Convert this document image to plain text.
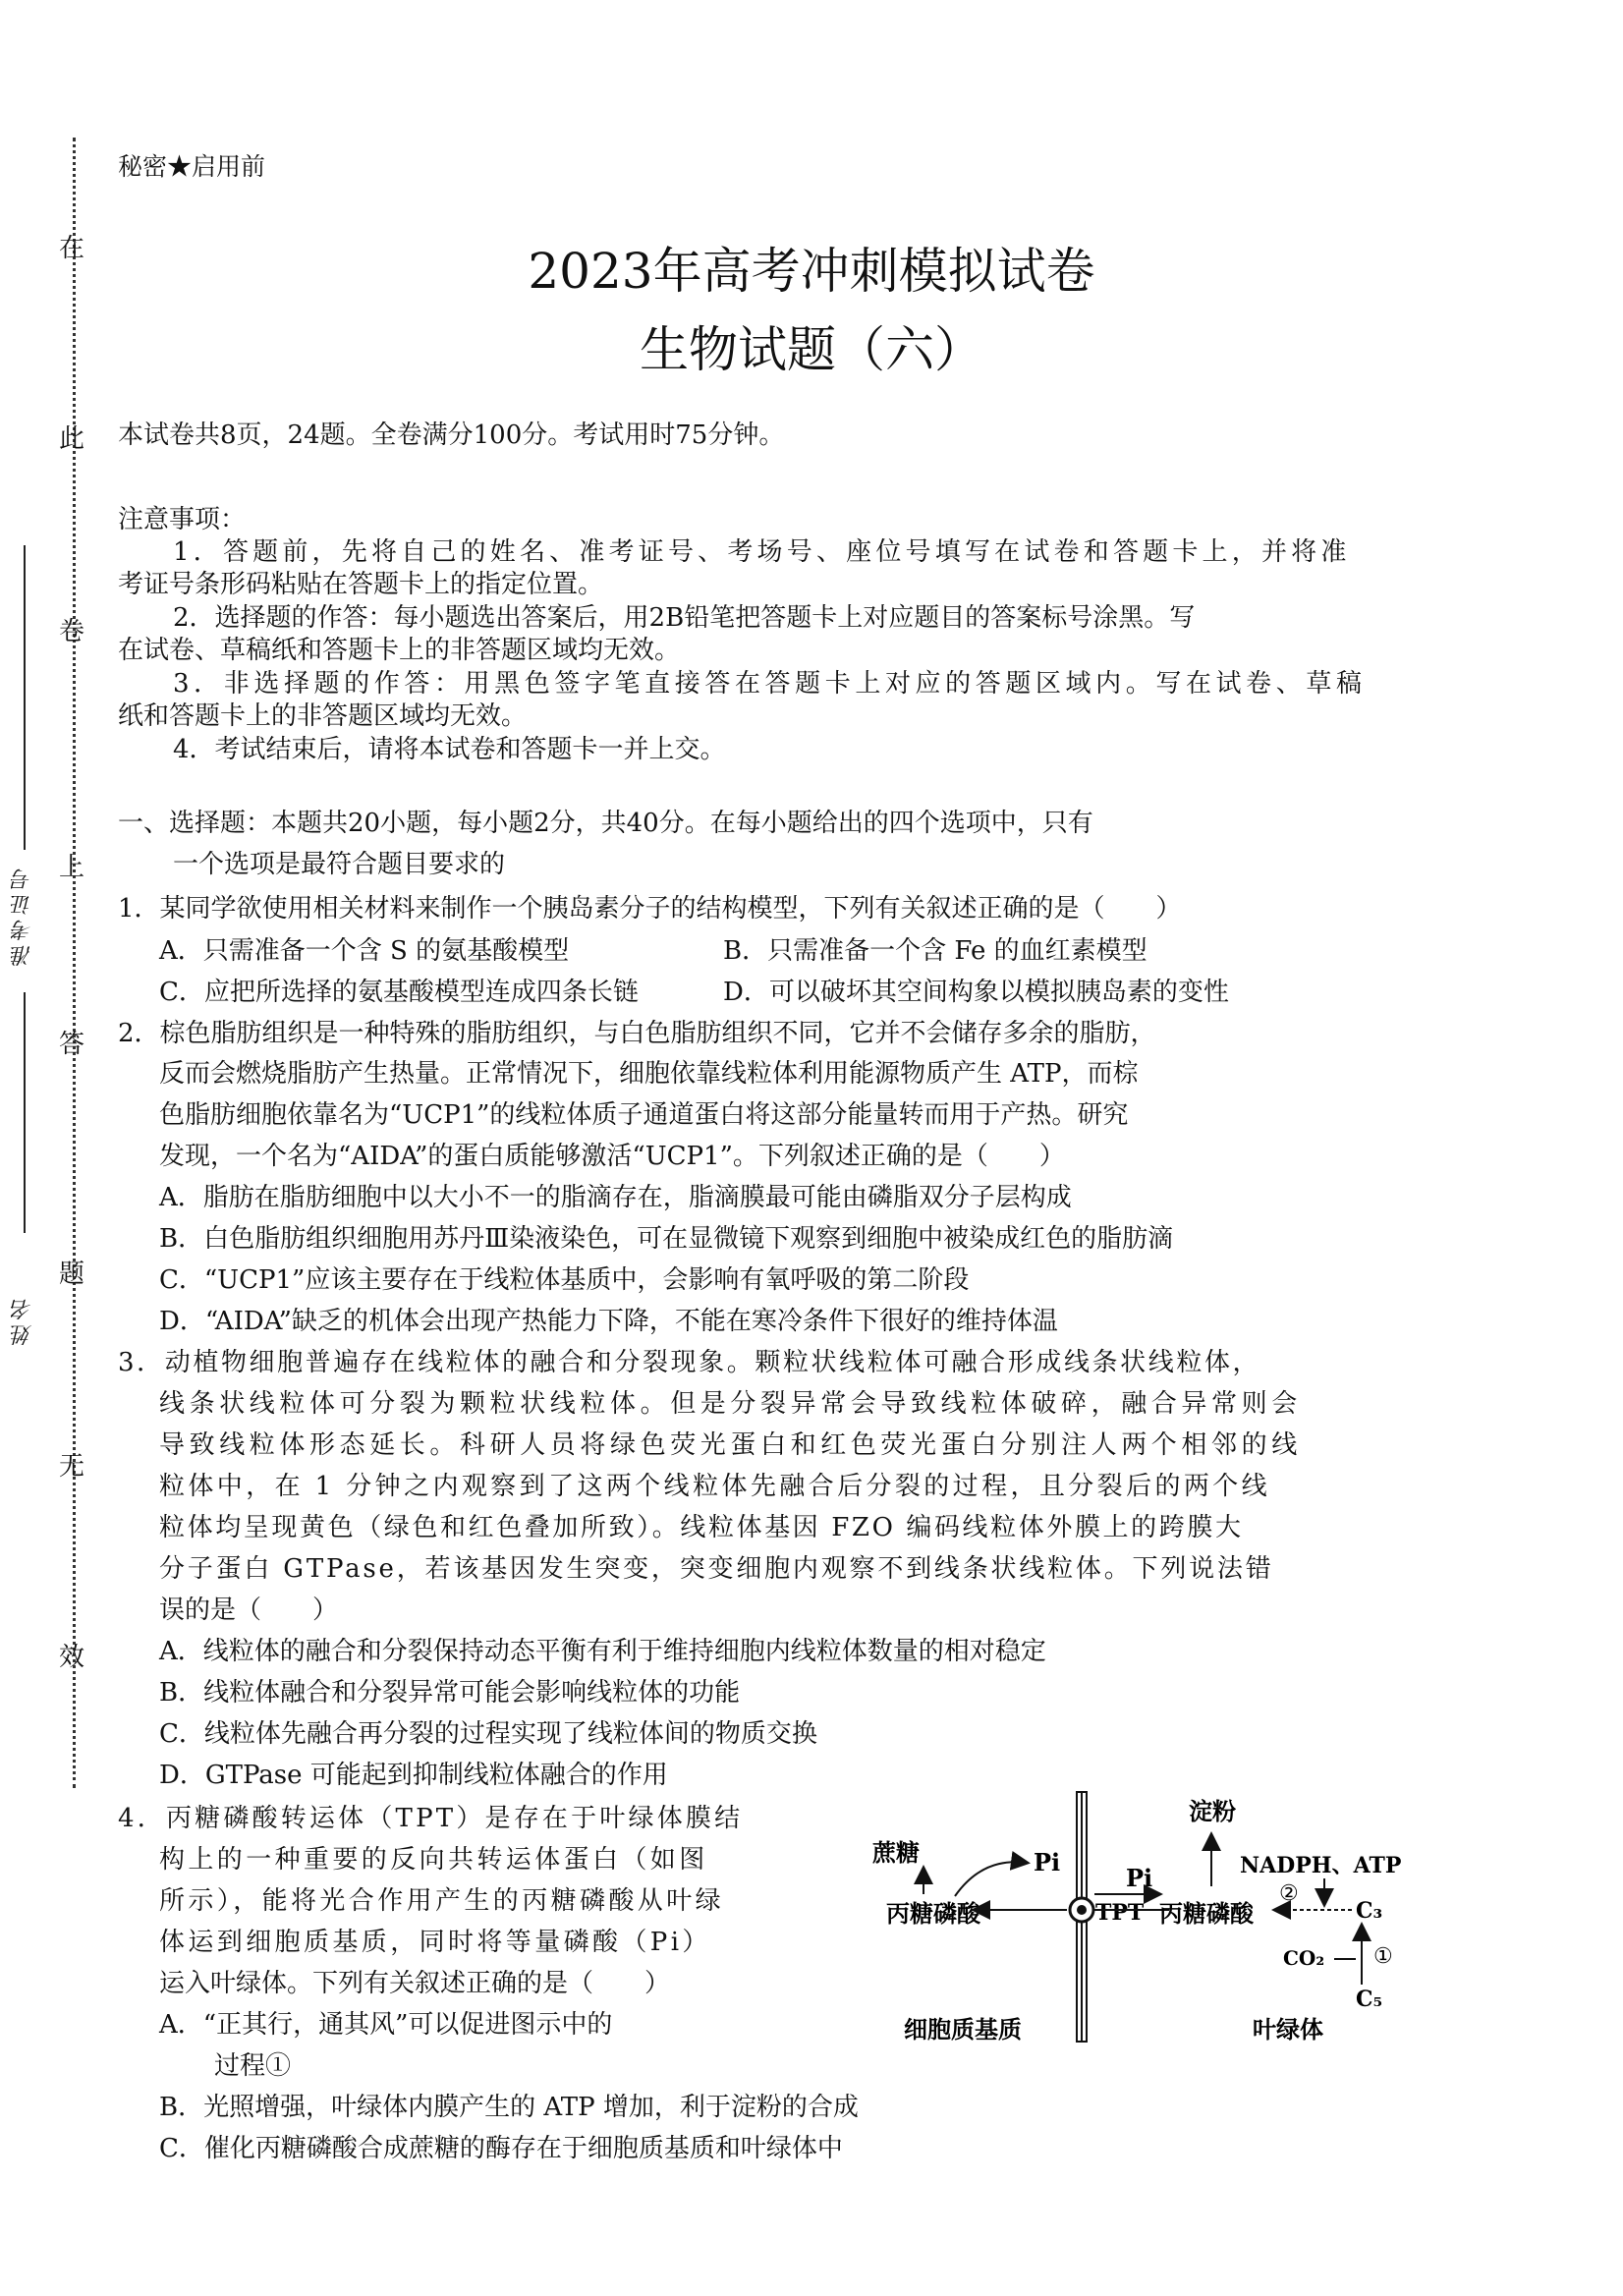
在
此
卷
上
答
题
无
效
准考证号
姓名
秘密★启用前
2023年高考冲刺模拟试卷
生物试题（六）
本试卷共8页，24题。全卷满分100分。考试用时75分钟。
注意事项：
1．答题前，先将自己的姓名、准考证号、考场号、座位号填写在试卷和答题卡上，并将准
考证号条形码粘贴在答题卡上的指定位置。
2．选择题的作答：每小题选出答案后，用2B铅笔把答题卡上对应题目的答案标号涂黑。写
在试卷、草稿纸和答题卡上的非答题区域均无效。
3．非选择题的作答：用黑色签字笔直接答在答题卡上对应的答题区域内。写在试卷、草稿
纸和答题卡上的非答题区域均无效。
4．考试结束后，请将本试卷和答题卡一并上交。
一、选择题：本题共20小题，每小题2分，共40分。在每小题给出的四个选项中，只有
一个选项是最符合题目要求的
1．某同学欲使用相关材料来制作一个胰岛素分子的结构模型，下列有关叙述正确的是（　　）
A．只需准备一个含 S 的氨基酸模型	B．只需准备一个含 Fe 的血红素模型
C．应把所选择的氨基酸模型连成四条长链	D．可以破坏其空间构象以模拟胰岛素的变性
2．棕色脂肪组织是一种特殊的脂肪组织，与白色脂肪组织不同，它并不会储存多余的脂肪，
反而会燃烧脂肪产生热量。正常情况下，细胞依靠线粒体利用能源物质产生 ATP，而棕
色脂肪细胞依靠名为“UCP1”的线粒体质子通道蛋白将这部分能量转而用于产热。研究
发现，一个名为“AIDA”的蛋白质能够激活“UCP1”。下列叙述正确的是（　　）
A．脂肪在脂肪细胞中以大小不一的脂滴存在，脂滴膜最可能由磷脂双分子层构成
B．白色脂肪组织细胞用苏丹Ⅲ染液染色，可在显微镜下观察到细胞中被染成红色的脂肪滴
C．“UCP1”应该主要存在于线粒体基质中，会影响有氧呼吸的第二阶段
D．“AIDA”缺乏的机体会出现产热能力下降，不能在寒冷条件下很好的维持体温
3．动植物细胞普遍存在线粒体的融合和分裂现象。颗粒状线粒体可融合形成线条状线粒体，
线条状线粒体可分裂为颗粒状线粒体。但是分裂异常会导致线粒体破碎，融合异常则会
导致线粒体形态延长。科研人员将绿色荧光蛋白和红色荧光蛋白分别注人两个相邻的线
粒体中，在 1 分钟之内观察到了这两个线粒体先融合后分裂的过程，且分裂后的两个线
粒体均呈现黄色（绿色和红色叠加所致）。线粒体基因 FZO 编码线粒体外膜上的跨膜大
分子蛋白 GTPase，若该基因发生突变，突变细胞内观察不到线条状线粒体。下列说法错
误的是（　　）
A．线粒体的融合和分裂保持动态平衡有利于维持细胞内线粒体数量的相对稳定
B．线粒体融合和分裂异常可能会影响线粒体的功能
C．线粒体先融合再分裂的过程实现了线粒体间的物质交换
D．GTPase 可能起到抑制线粒体融合的作用
4．丙糖磷酸转运体（TPT）是存在于叶绿体膜结
构上的一种重要的反向共转运体蛋白（如图
所示），能将光合作用产生的丙糖磷酸从叶绿
体运到细胞质基质，同时将等量磷酸（Pi）
运入叶绿体。下列有关叙述正确的是（　　）
A．“正其行，通其风”可以促进图示中的
过程①
B．光照增强，叶绿体内膜产生的 ATP 增加，利于淀粉的合成
C．催化丙糖磷酸合成蔗糖的酶存在于细胞质基质和叶绿体中
蔗糖
丙糖磷酸
Pi
Pi
TPT 丙糖磷酸
淀粉
NADPH、ATP
②
C₃
CO₂ ①
C₅
细胞质基质	叶绿体
